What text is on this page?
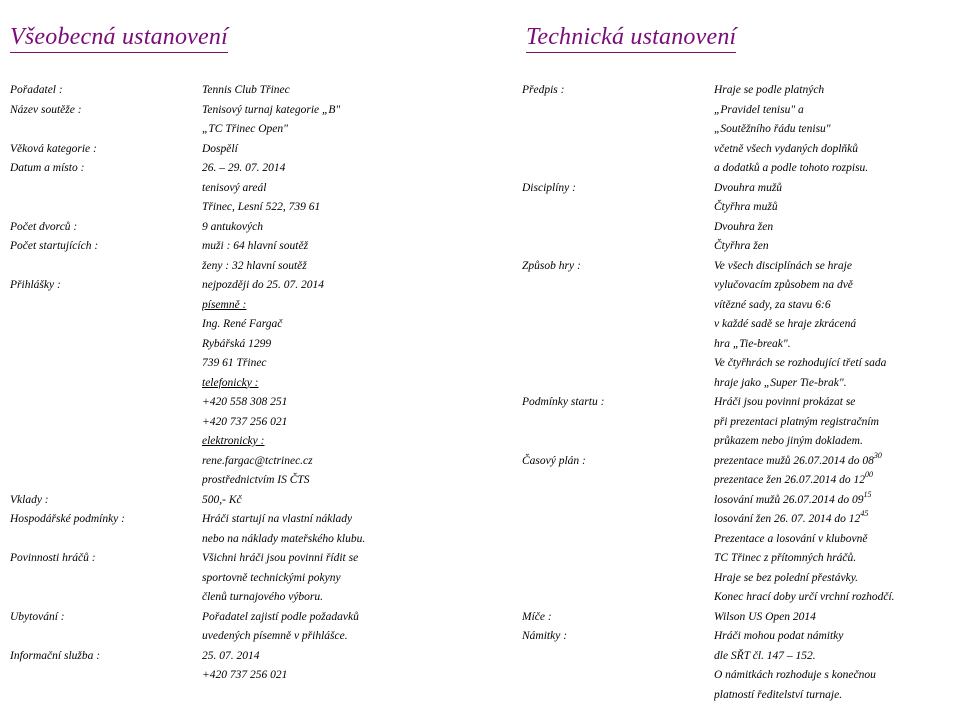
Všeobecná ustanovení	Technická ustanovení
Pořadatel :	Tennis Club Třinec
Název soutěže :	Tenisový turnaj kategorie „B"
„TC Třinec Open"
Věková kategorie :	Dospělí
Datum a místo :	26. – 29. 07. 2014
tenisový areál
Třinec, Lesní 522, 739 61
Počet dvorců :	9 antukových
Počet startujících :	muži : 64 hlavní soutěž
ženy : 32 hlavní soutěž
Přihlášky :	nejpozději do 25. 07. 2014
písemně :
Ing. René Fargač
Rybářská 1299
739 61 Třinec
telefonicky :
+420 558 308 251
+420 737 256 021
elektronicky :
rene.fargac@tctrinec.cz
prostřednictvím IS ČTS
Vklady :	500,- Kč
Hospodářské podmínky :	Hráči startují na vlastní náklady
nebo na náklady mateřského klubu.
Povinnosti hráčů :	Všichni hráči jsou povinni řídit se
sportovně technickými pokyny
členů turnajového výboru.
Ubytování :	Pořadatel zajistí podle požadavků
uvedených písemně v přihlášce.
Informační služba :	25. 07. 2014
+420 737 256 021
Předpis :	Hraje se podle platných
„Pravidel tenisu" a
„Soutěžního řádu tenisu"
včetně všech vydaných doplňků
a dodatků a podle tohoto rozpisu.
Disciplíny :	Dvouhra mužů
Čtyřhra mužů
Dvouhra žen
Čtyřhra žen
Způsob hry :	Ve všech disciplínách se hraje
vylučovacím způsobem na dvě
vítězné sady, za stavu 6:6
v každé sadě se hraje zkrácená
hra „Tie-break".
Ve čtyřhrách se rozhodující třetí sada
hraje jako „Super Tie-brak".
Podmínky startu :	Hráči jsou povinni prokázat se
při prezentaci platným registračním
průkazem nebo jiným dokladem.
Časový plán :	prezentace mužů 26.07.2014 do $08^{30}$
prezentace žen 26.07.2014 do $12^{00}$
losování mužů 26.07.2014 do $09^{15}$
losování žen 26. 07. 2014 do $12^{45}$
Prezentace a losování v klubovně
TC Třinec z přítomných hráčů.
Hraje se bez polední přestávky.
Konec hrací doby určí vrchní rozhodčí.
Míče :	Wilson US Open 2014
Námitky :	Hráči mohou podat námitky
dle SŘT čl. 147 – 152.
O námitkách rozhoduje s konečnou
platností ředitelství turnaje.
